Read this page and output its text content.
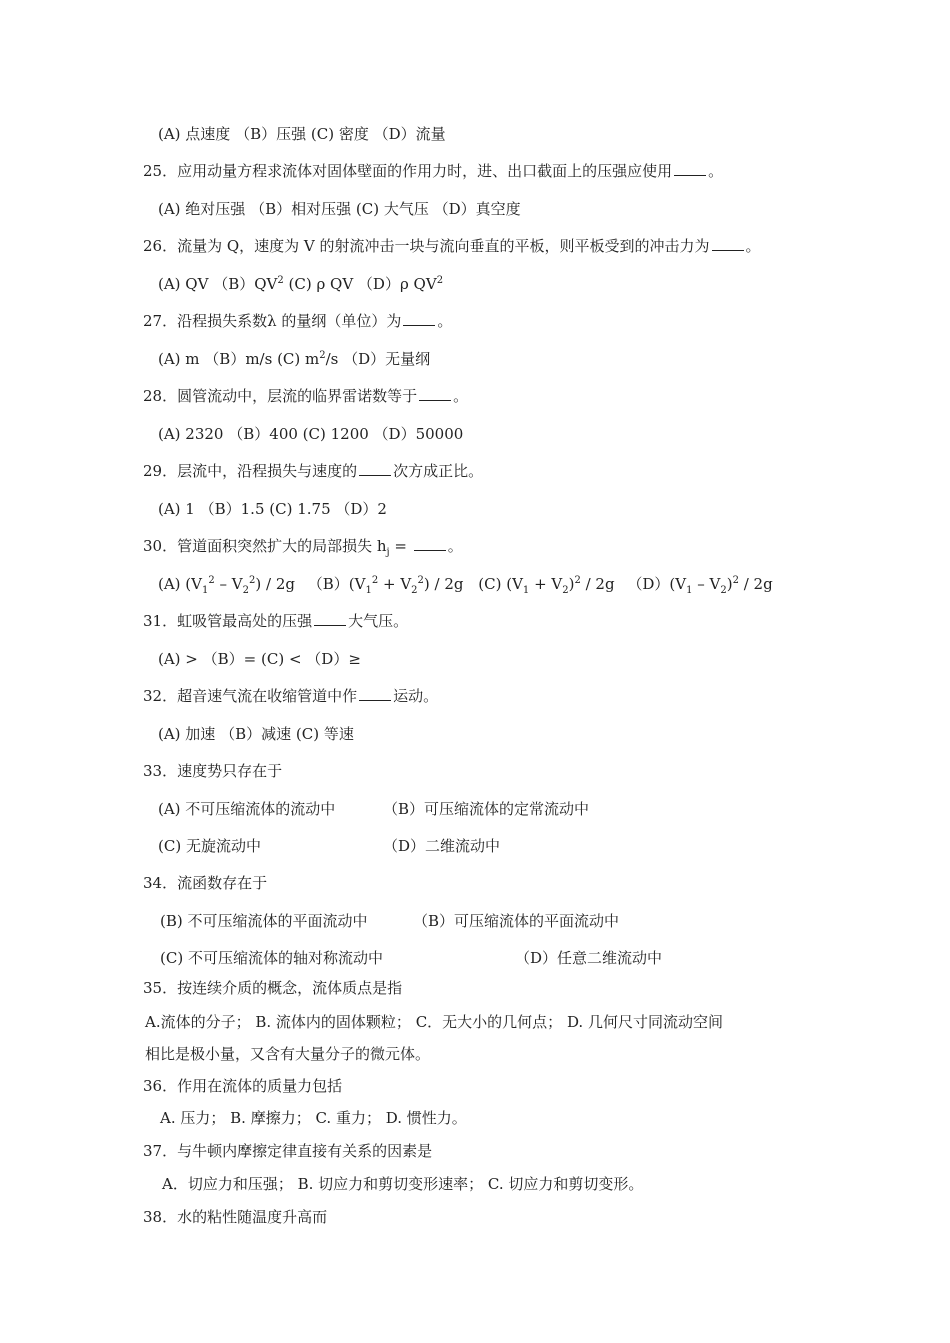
(A) 点速度 （B）压强 (C) 密度 （D）流量
25．应用动量方程求流体对固体壁面的作用力时，进、出口截面上的压强应使用 。
(A) 绝对压强 （B）相对压强 (C) 大气压 （D）真空度
26．流量为 Q，速度为 V 的射流冲击一块与流向垂直的平板，则平板受到的冲击力为 。
(A) QV $(B)QV^2$ (C) ρ QV （D）ρ $QV^2$
27．沿程损失系数λ 的量纲（单位）为 。
(A) m （B）m/s (C) $m^2/s$ （D）无量纲
28．圆管流动中，层流的临界雷诺数等于 。
(A) 2320 （B）400 (C) 1200 （D）50000
29．层流中，沿程损失与速度的 次方成正比。
(A) 1 （B）1.5 (C) 1.75 （D）2
30．管道面积突然扩大的局部损失 $h_j$ = 。
(A) $(V_1^2 - V_2^2) / 2g$ $(B)(V_1^2 + V_2^2) / 2g$ (C) $(V_1 + V_2)^2 / 2g$ $(D)(V_1 - V_2)^2 / 2g$
31．虹吸管最高处的压强 大气压。
(A) > （B）= (C) < （D）≥
32．超音速气流在收缩管道中作 运动。
(A) 加速 （B）减速 (C) 等速
33．速度势只存在于
(A) 不可压缩流体的流动中	（B）可压缩流体的定常流动中
(C) 无旋流动中	（D）二维流动中
34．流函数存在于
(B) 不可压缩流体的平面流动中	（B）可压缩流体的平面流动中
(C) 不可压缩流体的轴对称流动中	（D）任意二维流动中
35．按连续介质的概念，流体质点是指
A.流体的分子； B. 流体内的固体颗粒； C．无大小的几何点； D. 几何尺寸同流动空间
相比是极小量，又含有大量分子的微元体。
36．作用在流体的质量力包括
A. 压力； B. 摩擦力； C. 重力； D. 惯性力。
37．与牛顿内摩擦定律直接有关系的因素是
A．切应力和压强； B. 切应力和剪切变形速率； C. 切应力和剪切变形。
38．水的粘性随温度升高而
